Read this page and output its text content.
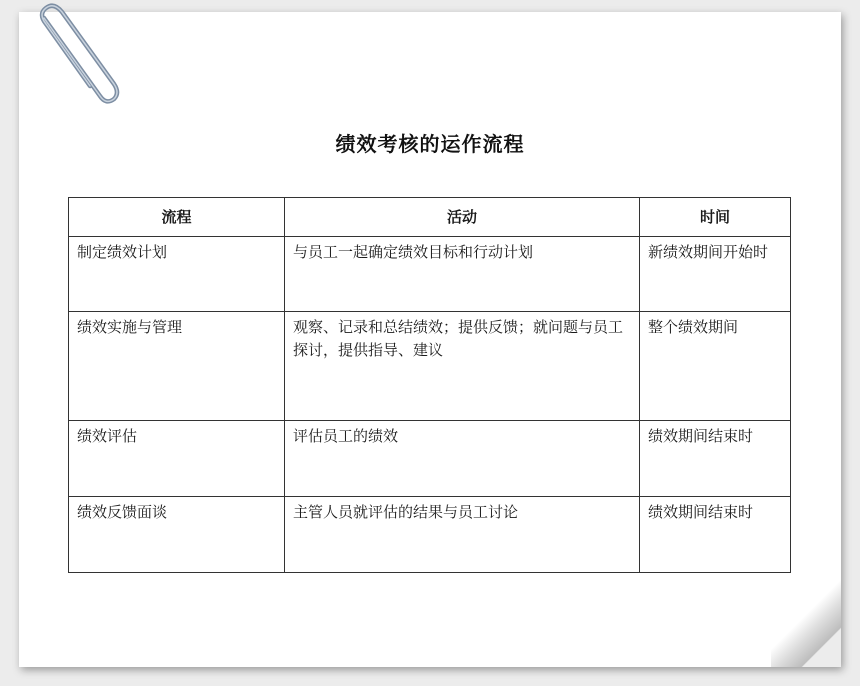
绩效考核的运作流程
流程	活动	时间
制定绩效计划	与员工一起确定绩效目标和行动计划	新绩效期间开始时
绩效实施与管理	观察、记录和总结绩效；提供反馈；就问题与员工探讨，提供指导、建议	整个绩效期间
绩效评估	评估员工的绩效	绩效期间结束时
绩效反馈面谈	主管人员就评估的结果与员工讨论	绩效期间结束时
